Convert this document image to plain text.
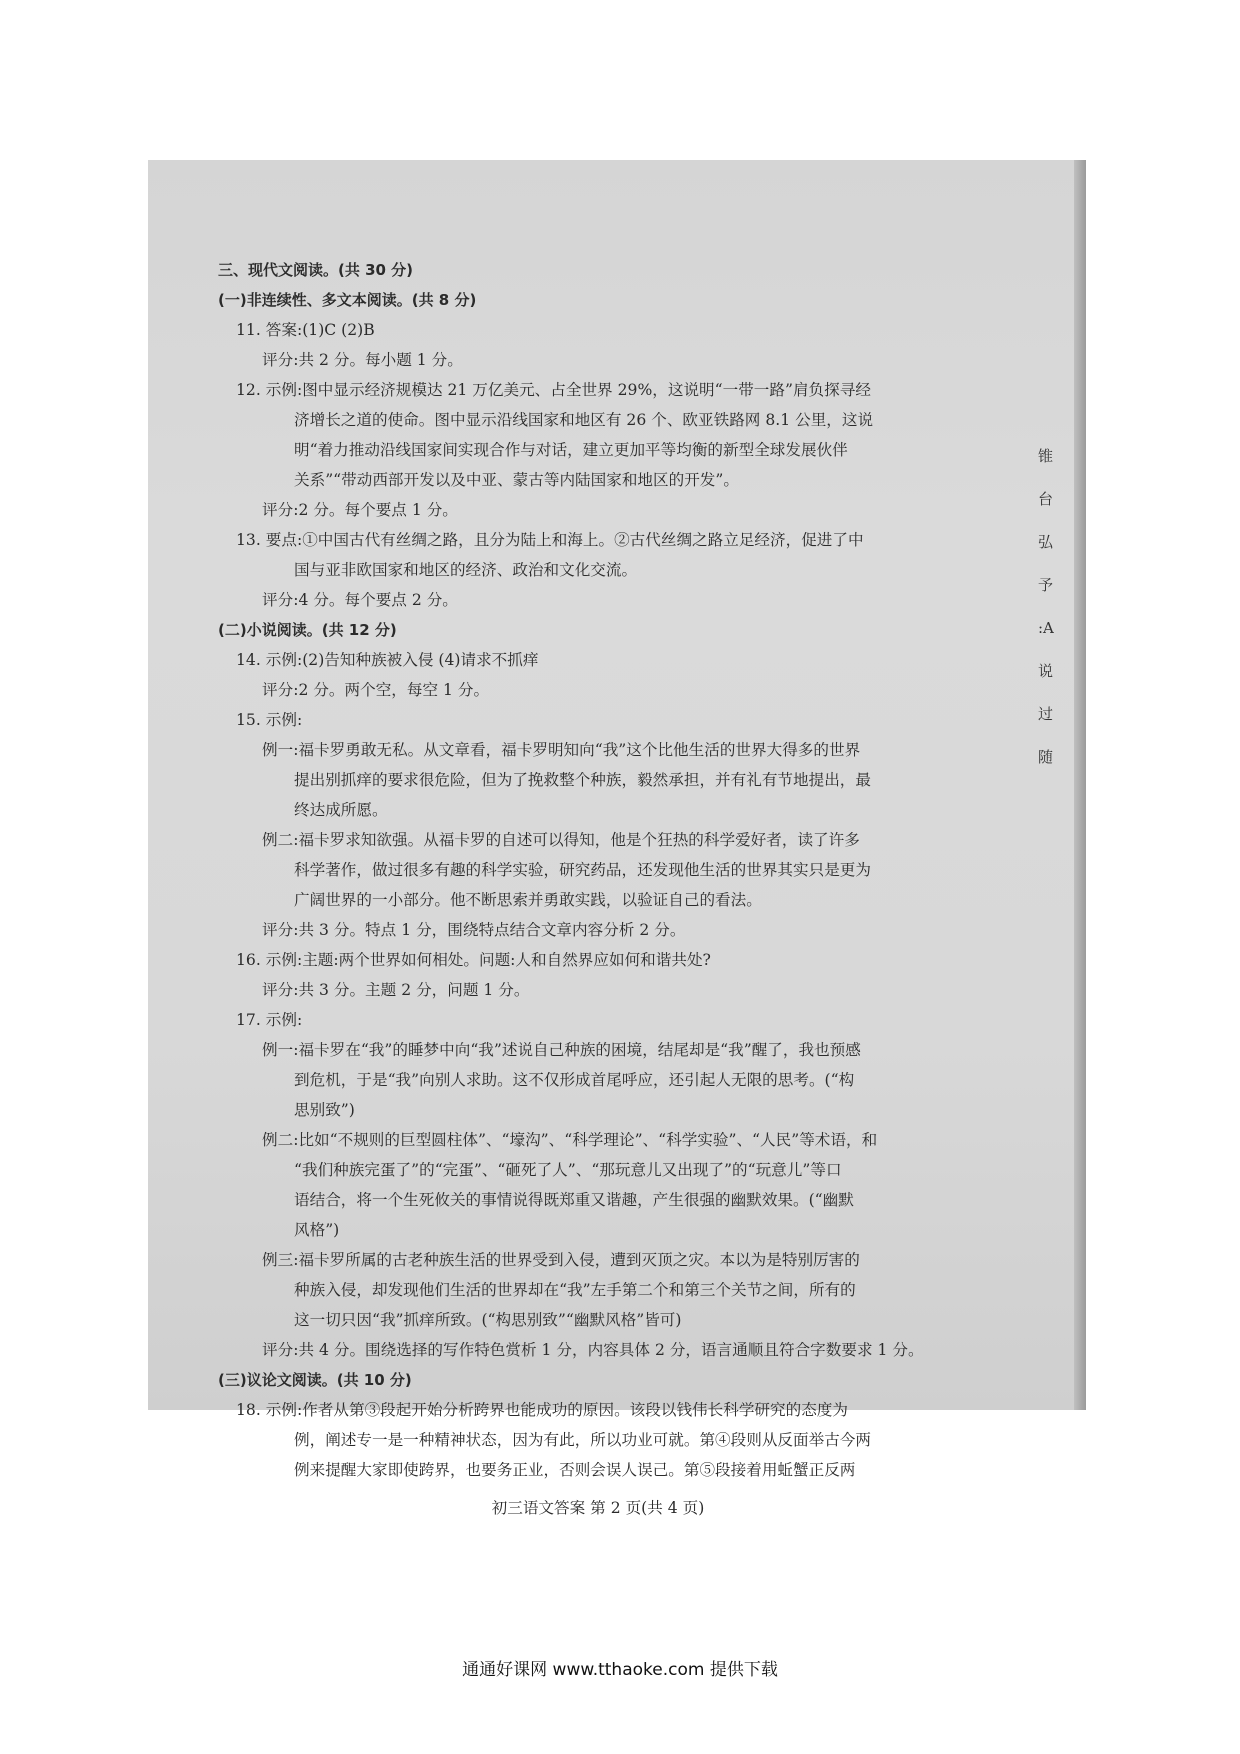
三、现代文阅读。(共 30 分)
(一)非连续性、多文本阅读。(共 8 分)
11. 答案:(1)C (2)B
评分:共 2 分。每小题 1 分。
12. 示例:图中显示经济规模达 21 万亿美元、占全世界 29%，这说明“一带一路”肩负探寻经
济增长之道的使命。图中显示沿线国家和地区有 26 个、欧亚铁路网 8.1 公里，这说
明“着力推动沿线国家间实现合作与对话，建立更加平等均衡的新型全球发展伙伴
关系”“带动西部开发以及中亚、蒙古等内陆国家和地区的开发”。
评分:2 分。每个要点 1 分。
13. 要点:①中国古代有丝绸之路，且分为陆上和海上。②古代丝绸之路立足经济，促进了中
国与亚非欧国家和地区的经济、政治和文化交流。
评分:4 分。每个要点 2 分。
(二)小说阅读。(共 12 分)
14. 示例:(2)告知种族被入侵 (4)请求不抓痒
评分:2 分。两个空，每空 1 分。
15. 示例:
例一:福卡罗勇敢无私。从文章看，福卡罗明知向“我”这个比他生活的世界大得多的世界
提出别抓痒的要求很危险，但为了挽救整个种族，毅然承担，并有礼有节地提出，最
终达成所愿。
例二:福卡罗求知欲强。从福卡罗的自述可以得知，他是个狂热的科学爱好者，读了许多
科学著作，做过很多有趣的科学实验，研究药品，还发现他生活的世界其实只是更为
广阔世界的一小部分。他不断思索并勇敢实践，以验证自己的看法。
评分:共 3 分。特点 1 分，围绕特点结合文章内容分析 2 分。
16. 示例:主题:两个世界如何相处。问题:人和自然界应如何和谐共处?
评分:共 3 分。主题 2 分，问题 1 分。
17. 示例:
例一:福卡罗在“我”的睡梦中向“我”述说自己种族的困境，结尾却是“我”醒了，我也预感
到危机，于是“我”向别人求助。这不仅形成首尾呼应，还引起人无限的思考。(“构
思别致”)
例二:比如“不规则的巨型圆柱体”、“壕沟”、“科学理论”、“科学实验”、“人民”等术语，和
“我们种族完蛋了”的“完蛋”、“砸死了人”、“那玩意儿又出现了”的“玩意儿”等口
语结合，将一个生死攸关的事情说得既郑重又谐趣，产生很强的幽默效果。(“幽默
风格”)
例三:福卡罗所属的古老种族生活的世界受到入侵，遭到灭顶之灾。本以为是特别厉害的
种族入侵，却发现他们生活的世界却在“我”左手第二个和第三个关节之间，所有的
这一切只因“我”抓痒所致。(“构思别致”“幽默风格”皆可)
评分:共 4 分。围绕选择的写作特色赏析 1 分，内容具体 2 分，语言通顺且符合字数要求 1 分。
(三)议论文阅读。(共 10 分)
18. 示例:作者从第③段起开始分析跨界也能成功的原因。该段以钱伟长科学研究的态度为
例，阐述专一是一种精神状态，因为有此，所以功业可就。第④段则从反面举古今两
例来提醒大家即使跨界，也要务正业，否则会误人误己。第⑤段接着用蚯蟹正反两
初三语文答案 第 2 页(共 4 页)
锥
台
弘
予
:A
说
过
随
通通好课网 www.tthaoke.com 提供下载
